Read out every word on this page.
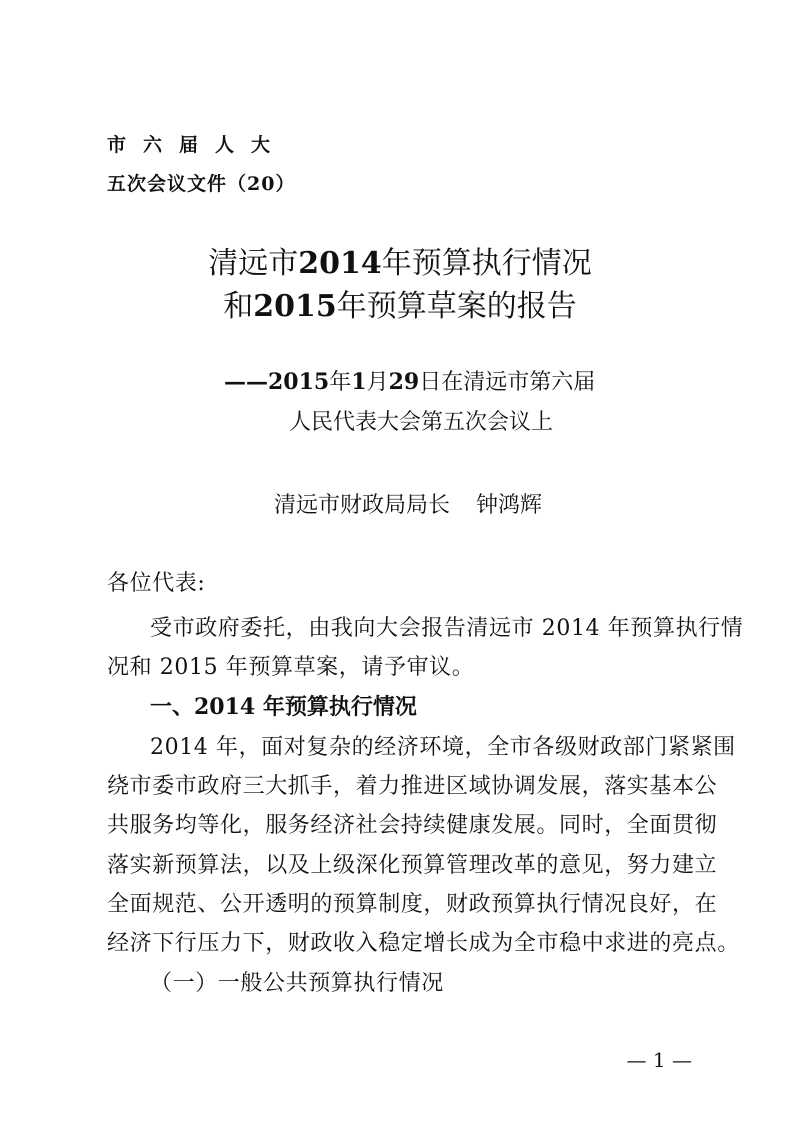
市六届人大
五次会议文件（20）
清远市2014年预算执行情况
和2015年预算草案的报告
——2015年1月29日在清远市第六届
人民代表大会第五次会议上
清远市财政局局长 钟鸿辉
各位代表:
受市政府委托，由我向大会报告清远市 2014 年预算执行情
况和 2015 年预算草案，请予审议。
一、2014 年预算执行情况
2014 年，面对复杂的经济环境，全市各级财政部门紧紧围
绕市委市政府三大抓手，着力推进区域协调发展，落实基本公
共服务均等化，服务经济社会持续健康发展。同时，全面贯彻
落实新预算法，以及上级深化预算管理改革的意见，努力建立
全面规范、公开透明的预算制度，财政预算执行情况良好，在
经济下行压力下，财政收入稳定增长成为全市稳中求进的亮点。
（一）一般公共预算执行情况
— 1 —
